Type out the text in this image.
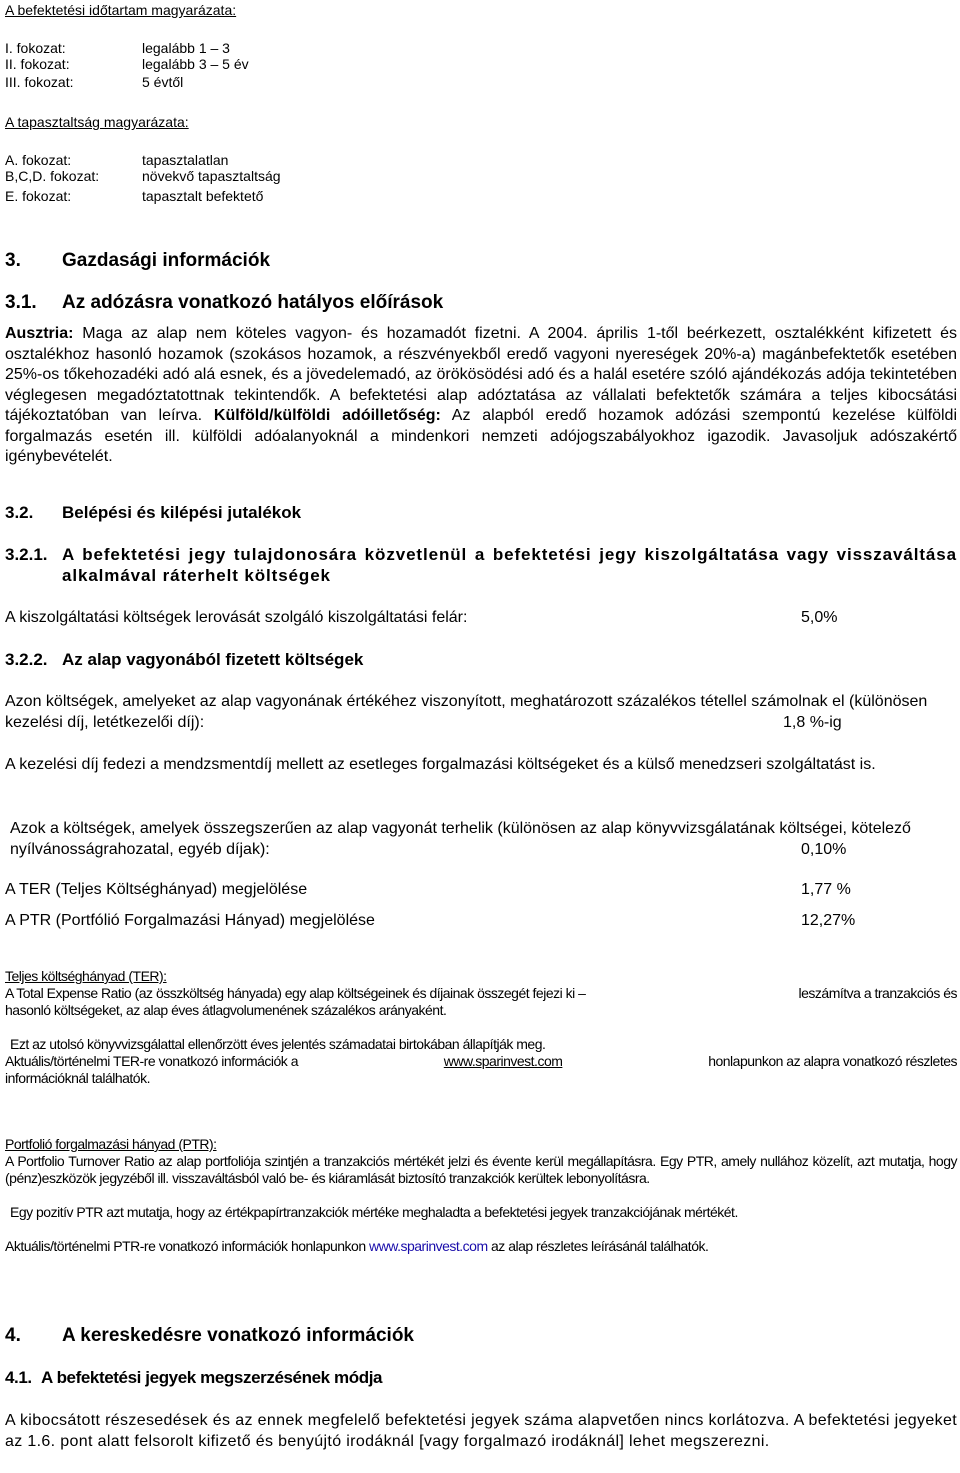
A befektetési időtartam magyarázata:
I. fokozat:	legalább 1 – 3
II. fokozat:	legalább 3 – 5 év
III. fokozat:	5 évtől
A tapasztaltság magyarázata:
A. fokozat:	tapasztalatlan
B,C,D. fokozat:	növekvő tapasztaltság
E. fokozat:	tapasztalt befektető
3. Gazdasági információk
3.1. Az adózásra vonatkozó hatályos előírások
Ausztria: Maga az alap nem köteles vagyon- és hozamadót fizetni. A 2004. április 1-től beérkezett, osztalékként kifizetett és osztalékhoz hasonló hozamok (szokásos hozamok, a részvényekből eredő vagyoni nyereségek 20%-a) magánbefektetők esetében 25%-os tőkehozadéki adó alá esnek, és a jövedelemadó, az örökösödési adó és a halál esetére szóló ajándékozás adója tekintetében véglegesen megadóztatottnak tekintendők. A befektetési alap adóztatása az vállalati befektetők számára a teljes kibocsátási tájékoztatóban van leírva. Külföld/külföldi adóilletőség: Az alapból eredő hozamok adózási szempontú kezelése külföldi forgalmazás esetén ill. külföldi adóalanyoknál a mindenkori nemzeti adójogszabályokhoz igazodik. Javasoljuk adószakértő igénybevételét.
3.2. Belépési és kilépési jutalékok
3.2.1. A befektetési jegy tulajdonosára közvetlenül a befektetési jegy kiszolgáltatása vagy visszaváltása alkalmával ráterhelt költségek
A kiszolgáltatási költségek lerovását szolgáló kiszolgáltatási felár:	5,0%
3.2.2. Az alap vagyonából fizetett költségek
Azon költségek, amelyeket az alap vagyonának értékéhez viszonyított, meghatározott százalékos tétellel számolnak el (különösen kezelési díj, letétkezelői díj):	1,8 %-ig
A kezelési díj fedezi a mendzsmentdíj mellett az esetleges forgalmazási költségeket és a külső menedzseri szolgáltatást is.
Azok a költségek, amelyek összegszerűen az alap vagyonát terhelik (különösen az alap könyvvizsgálatának költségei, kötelező nyílvánosságrahozatal, egyéb díjak):	0,10%
A TER (Teljes Költséghányad) megjelölése	1,77 %
A PTR (Portfólió Forgalmazási Hányad) megjelölése	12,27%
Teljes költséghányad (TER):
A Total Expense Ratio (az összköltség hányada) egy alap költségeinek és díjainak összegét fejezi ki –	leszámítva a tranzakciós és
hasonló költségeket, az alap éves átlagvolumenének százalékos arányaként.
Ezt az utolsó könyvvizsgálattal ellenőrzött éves jelentés számadatai birtokában állapítják meg.
Aktuális/történelmi TER-re vonatkozó információk a	www.sparinvest.com	honlapunkon az alapra vonatkozó részletes
információknál találhatók.
Portfolió forgalmazási hányad (PTR):
A Portfolio Turnover Ratio az alap portfoliója szintjén a tranzakciós mértékét jelzi és évente kerül megállapításra. Egy PTR, amely nullához közelít, azt mutatja, hogy (pénz)eszközök jegyzéből ill. visszaváltásból való be- és kiáramlását biztosító tranzakciók kerültek lebonyolításra.
Egy pozitív PTR azt mutatja, hogy az értékpapírtranzakciók mértéke meghaladta a befektetési jegyek tranzakciójának mértékét.
Aktuális/történelmi PTR-re vonatkozó információk honlapunkon www.sparinvest.com az alap részletes leírásánál találhatók.
4. A kereskedésre vonatkozó információk
4.1. A befektetési jegyek megszerzésének módja
A kibocsátott részesedések és az ennek megfelelő befektetési jegyek száma alapvetően nincs korlátozva. A befektetési jegyeket az 1.6. pont alatt felsorolt kifizető és benyújtó irodáknál [vagy forgalmazó irodáknál] lehet megszerezni.
